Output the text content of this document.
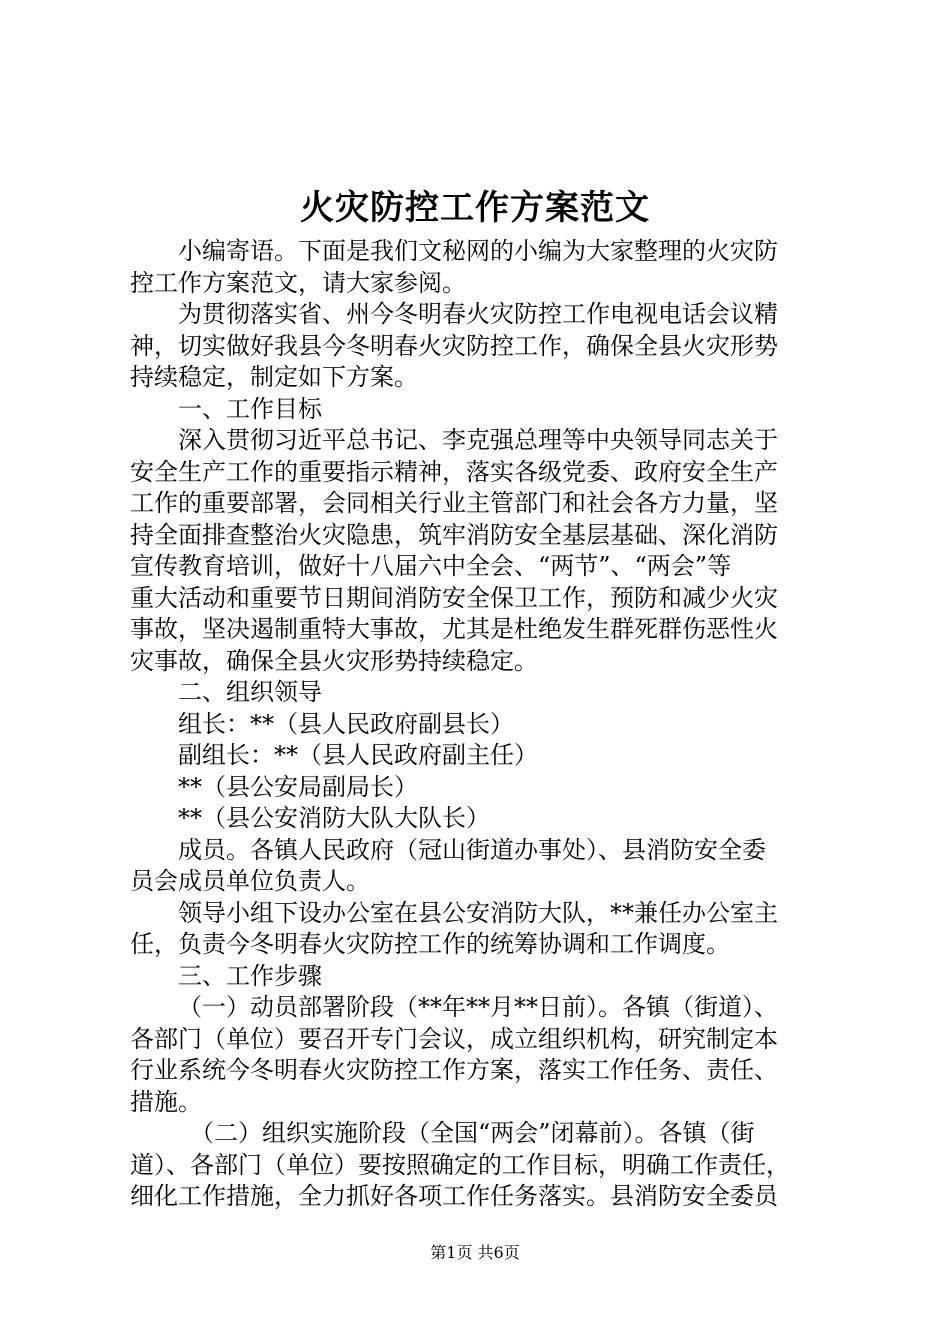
火灾防控工作方案范文
小编寄语。下面是我们文秘网的小编为大家整理的火灾防
控工作方案范文，请大家参阅。
为贯彻落实省、州今冬明春火灾防控工作电视电话会议精
神，切实做好我县今冬明春火灾防控工作，确保全县火灾形势
持续稳定，制定如下方案。
一、工作目标
深入贯彻习近平总书记、李克强总理等中央领导同志关于
安全生产工作的重要指示精神，落实各级党委、政府安全生产
工作的重要部署，会同相关行业主管部门和社会各方力量，坚
持全面排查整治火灾隐患，筑牢消防安全基层基础、深化消防
宣传教育培训，做好十八届六中全会、“两节”、“两会”等
重大活动和重要节日期间消防安全保卫工作，预防和减少火灾
事故，坚决遏制重特大事故，尤其是杜绝发生群死群伤恶性火
灾事故，确保全县火灾形势持续稳定。
二、组织领导
组长：**（县人民政府副县长）
副组长：**（县人民政府副主任）
**（县公安局副局长）
**（县公安消防大队大队长）
成员。各镇人民政府（冠山街道办事处）、县消防安全委
员会成员单位负责人。
领导小组下设办公室在县公安消防大队，**兼任办公室主
任，负责今冬明春火灾防控工作的统筹协调和工作调度。
三、工作步骤
（一）动员部署阶段（**年**月**日前）。各镇（街道）、
各部门（单位）要召开专门会议，成立组织机构，研究制定本
行业系统今冬明春火灾防控工作方案，落实工作任务、责任、
措施。
（二）组织实施阶段（全国“两会”闭幕前）。各镇（街
道）、各部门（单位）要按照确定的工作目标，明确工作责任，
细化工作措施，全力抓好各项工作任务落实。县消防安全委员
第1页 共6页
